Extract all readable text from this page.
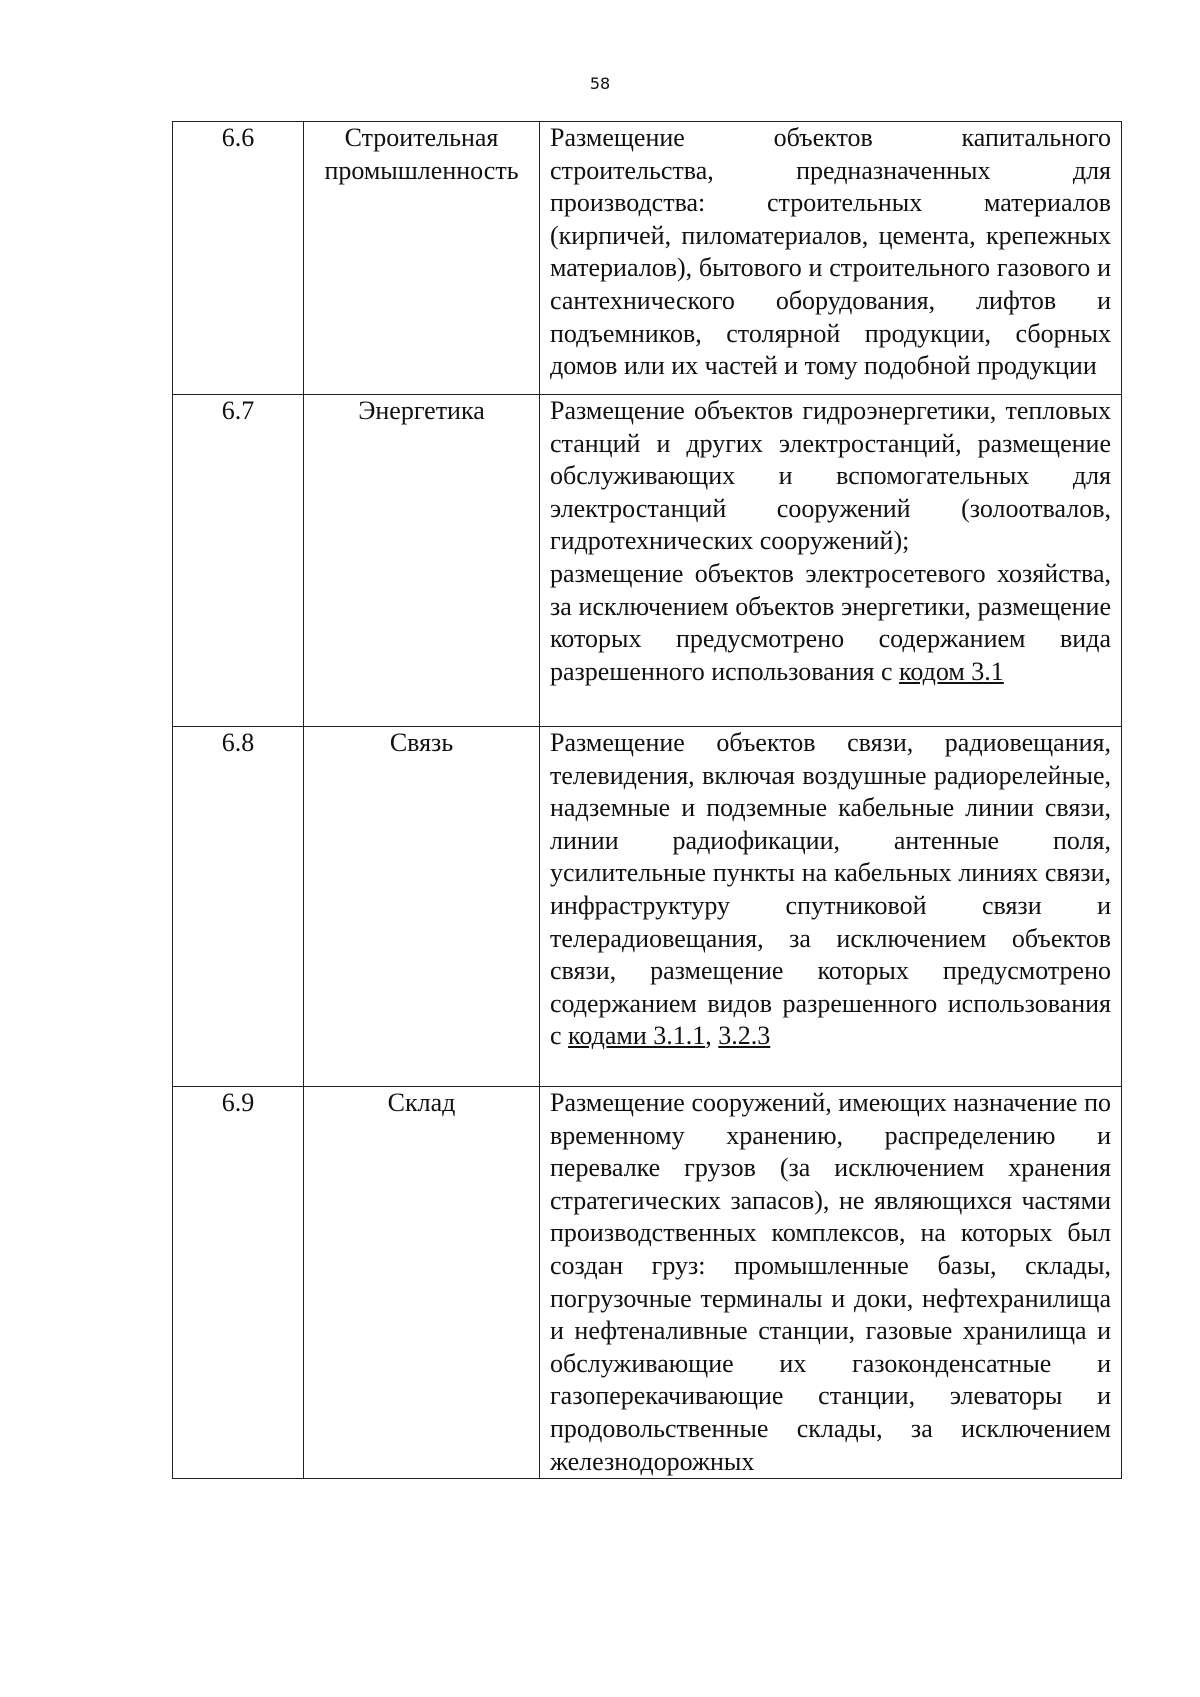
58
6.6	Строительная промышленность	Размещение объектов капитального строительства, предназначенных для производства: строительных материалов (кирпичей, пиломатериалов, цемента, крепежных материалов), бытового и строительного газового и сантехнического оборудования, лифтов и подъемников, столярной продукции, сборных домов или их частей и тому подобной продукции
6.7	Энергетика	Размещение объектов гидроэнергетики, тепловых станций и других электростанций, размещение обслуживающих и вспомогательных для электростанций сооружений (золоотвалов, гидротехнических сооружений);
размещение объектов электросетевого хозяйства, за исключением объектов энергетики, размещение которых предусмотрено содержанием вида разрешенного использования с кодом 3.1

6.8	Связь	Размещение объектов связи, радиовещания, телевидения, включая воздушные радиорелейные, надземные и подземные кабельные линии связи, линии радиофикации, антенные поля, усилительные пункты на кабельных линиях связи, инфраструктуру спутниковой связи и телерадиовещания, за исключением объектов связи, размещение которых предусмотрено содержанием видов разрешенного использования с кодами 3.1.1, 3.2.3
6.9	Склад	Размещение сооружений, имеющих назначение по временному хранению, распределению и перевалке грузов (за исключением хранения стратегических запасов), не являющихся частями производственных комплексов, на которых был создан груз: промышленные базы, склады, погрузочные терминалы и доки, нефтехранилища и нефтеналивные станции, газовые хранилища и обслуживающие их газоконденсатные и газоперекачивающие станции, элеваторы и продовольственные склады, за исключением железнодорожных
